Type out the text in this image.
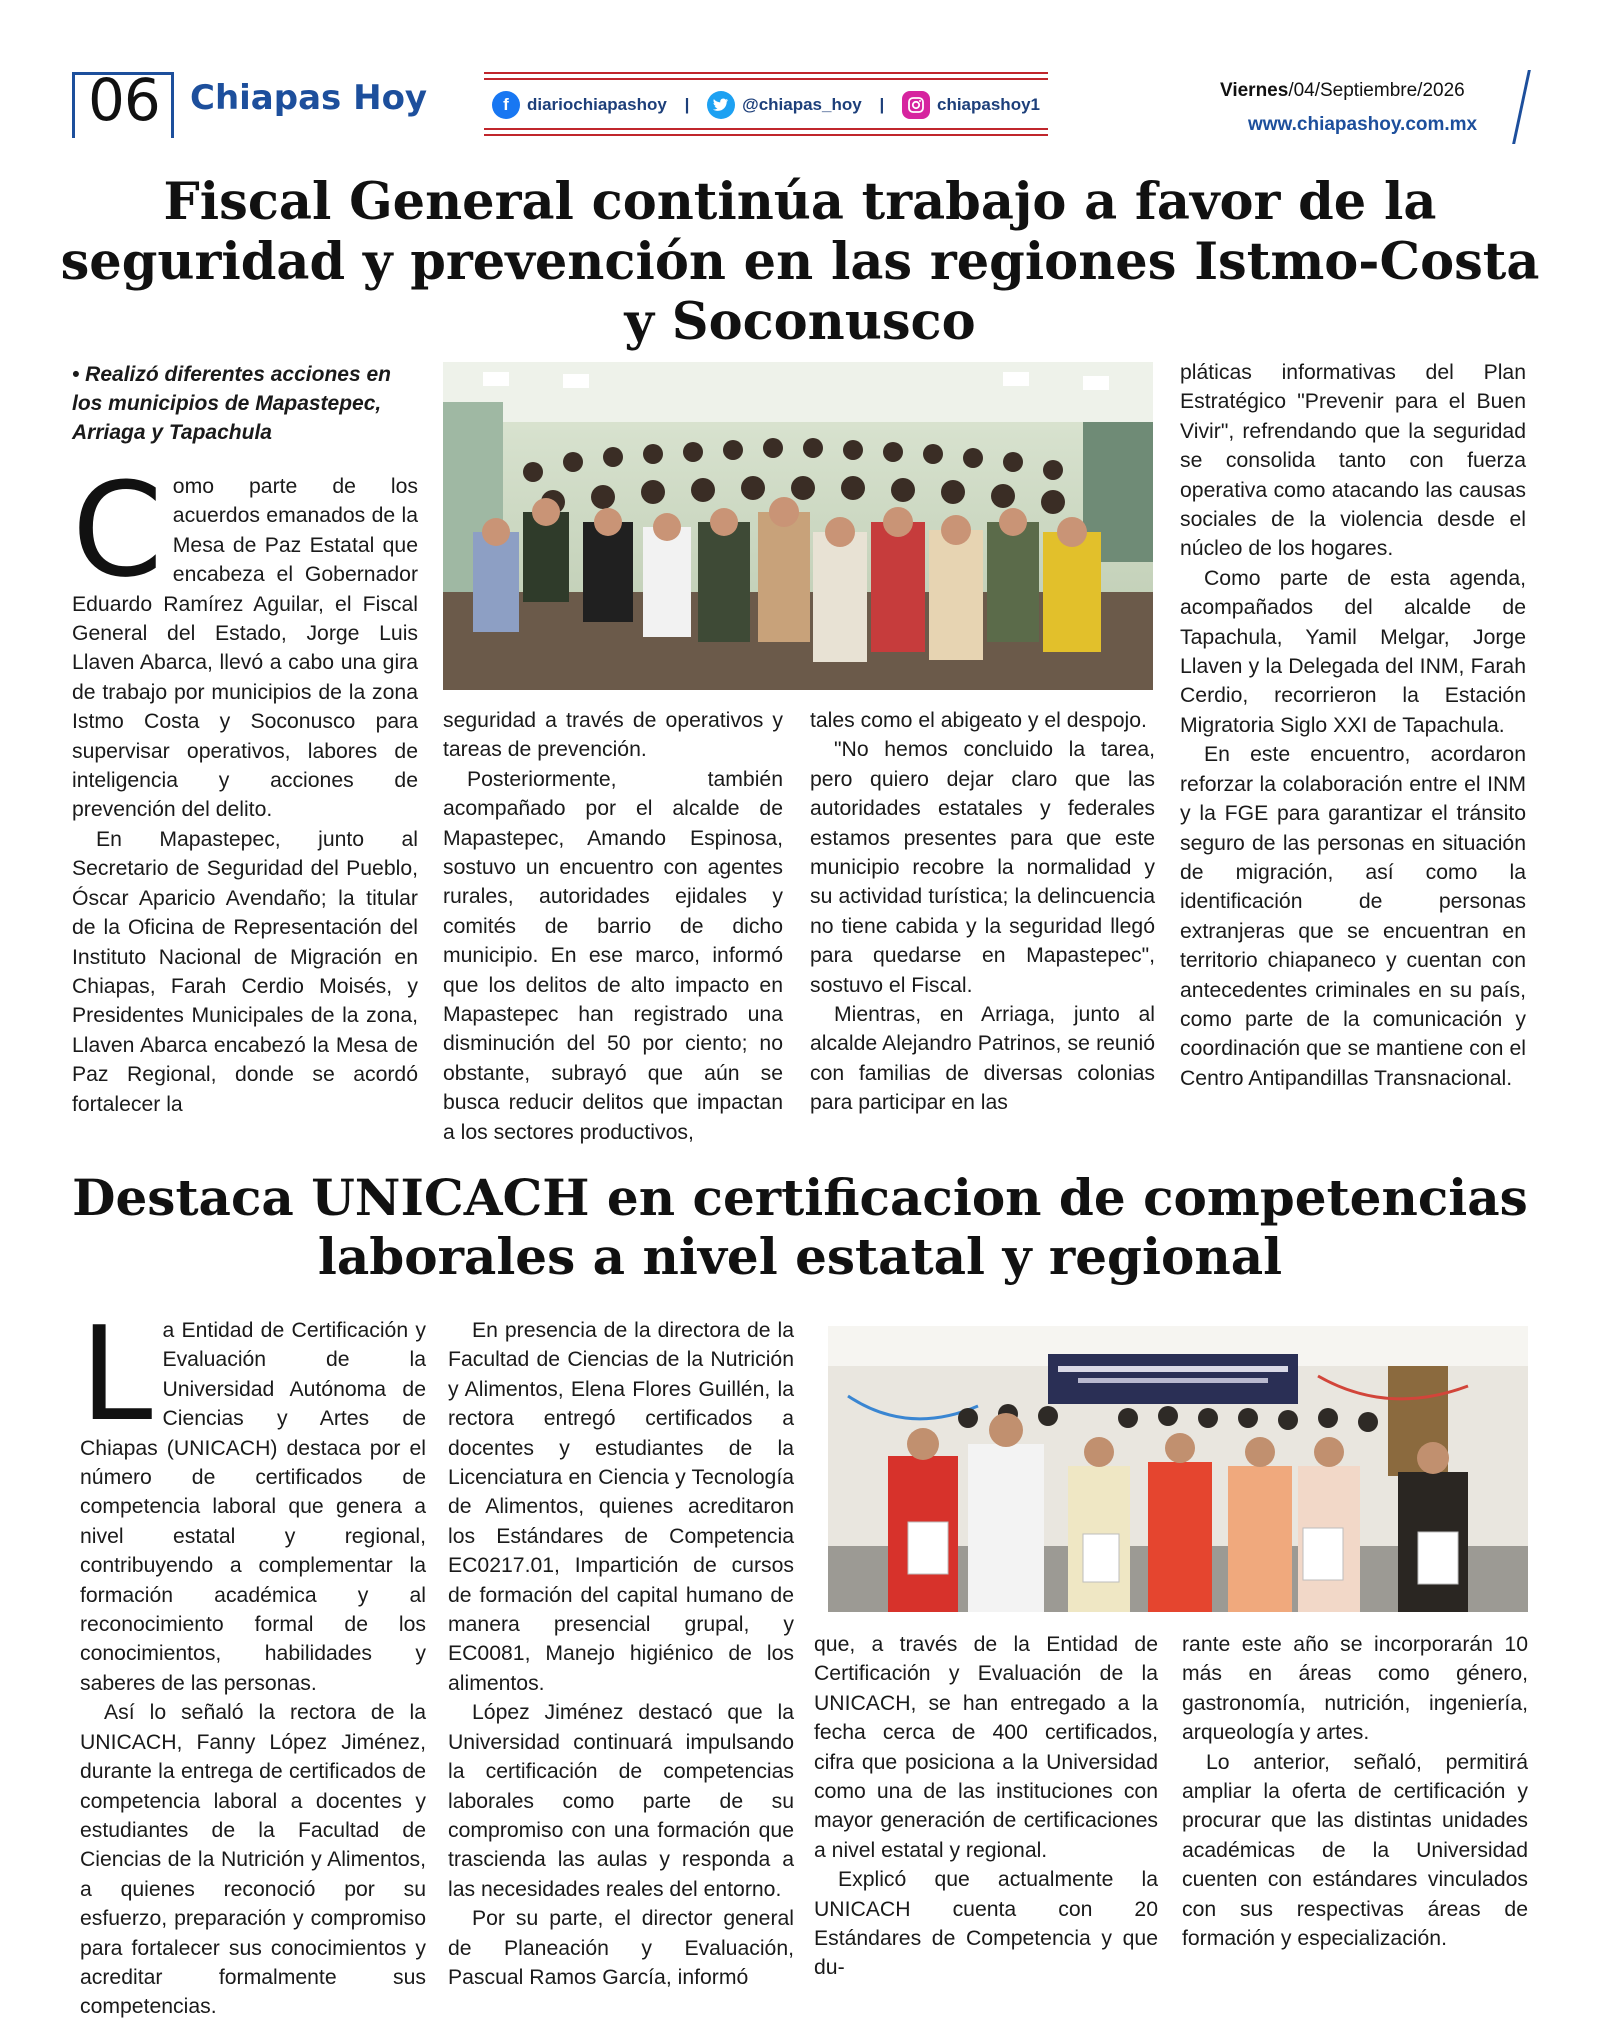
06 Chiapas Hoy	f	diariochiapashoy |	@chiapas_hoy |	chiapashoy1
Viernes/04/Septiembre/2026
www.chiapashoy.com.mx
Fiscal General continúa trabajo a favor de la seguridad y prevención en las regiones Istmo-Costa y Soconusco
• Realizó diferentes acciones en los municipios de Mapastepec, Arriaga y Tapachula

Como parte de los acuerdos emanados de la Mesa de Paz Estatal que encabeza el Gobernador Eduardo Ramírez Aguilar, el Fiscal General del Estado, Jorge Luis Llaven Abarca, llevó a cabo una gira de trabajo por municipios de la zona Istmo Costa y Soconusco para supervisar operativos, labores de inteligencia y acciones de prevención del delito.

En Mapastepec, junto al Secretario de Seguridad del Pueblo, Óscar Aparicio Avendaño; la titular de la Oficina de Representación del Instituto Nacional de Migración en Chiapas, Farah Cerdio Moisés, y Presidentes Municipales de la zona, Llaven Abarca encabezó la Mesa de Paz Regional, donde se acordó fortalecer la

seguridad a través de operativos y tareas de prevención.

Posteriormente, también acompañado por el alcalde de Mapastepec, Amando Espinosa, sostuvo un encuentro con agentes rurales, autoridades ejidales y comités de barrio de dicho municipio. En ese marco, informó que los delitos de alto impacto en Mapastepec han registrado una disminución del 50 por ciento; no obstante, subrayó que aún se busca reducir delitos que impactan a los sectores productivos,

tales como el abigeato y el despojo.

"No hemos concluido la tarea, pero quiero dejar claro que las autoridades estatales y federales estamos presentes para que este municipio recobre la normalidad y su actividad turística; la delincuencia no tiene cabida y la seguridad llegó para quedarse en Mapastepec", sostuvo el Fiscal.

Mientras, en Arriaga, junto al alcalde Alejandro Patrinos, se reunió con familias de diversas colonias para participar en las

pláticas informativas del Plan Estratégico "Prevenir para el Buen Vivir", refrendando que la seguridad se consolida tanto con fuerza operativa como atacando las causas sociales de la violencia desde el núcleo de los hogares.

Como parte de esta agenda, acompañados del alcalde de Tapachula, Yamil Melgar, Jorge Llaven y la Delegada del INM, Farah Cerdio, recorrieron la Estación Migratoria Siglo XXI de Tapachula.

En este encuentro, acordaron reforzar la colaboración entre el INM y la FGE para garantizar el tránsito seguro de las personas en situación de migración, así como la identificación de personas extranjeras que se encuentran en territorio chiapaneco y cuentan con antecedentes criminales en su país, como parte de la comunicación y coordinación que se mantiene con el Centro Antipandillas Transnacional.

Destaca UNICACH en certificacion de competencias laborales a nivel estatal y regional

La Entidad de Certificación y Evaluación de la Universidad Autónoma de Ciencias y Artes de Chiapas (UNICACH) destaca por el número de certificados de competencia laboral que genera a nivel estatal y regional, contribuyendo a complementar la formación académica y al reconocimiento formal de los conocimientos, habilidades y saberes de las personas.

Así lo señaló la rectora de la UNICACH, Fanny López Jiménez, durante la entrega de certificados de competencia laboral a docentes y estudiantes de la Facultad de Ciencias de la Nutrición y Alimentos, a quienes reconoció por su esfuerzo, preparación y compromiso para fortalecer sus conocimientos y acreditar formalmente sus competencias.

En presencia de la directora de la Facultad de Ciencias de la Nutrición y Alimentos, Elena Flores Guillén, la rectora entregó certificados a docentes y estudiantes de la Licenciatura en Ciencia y Tecnología de Alimentos, quienes acreditaron los Estándares de Competencia EC0217.01, Impartición de cursos de formación del capital humano de manera presencial grupal, y EC0081, Manejo higiénico de los alimentos.

López Jiménez destacó que la Universidad continuará impulsando la certificación de competencias laborales como parte de su compromiso con una formación que trascienda las aulas y responda a las necesidades reales del entorno.

Por su parte, el director general de Planeación y Evaluación, Pascual Ramos García, informó

que, a través de la Entidad de Certificación y Evaluación de la UNICACH, se han entregado a la fecha cerca de 400 certificados, cifra que posiciona a la Universidad como una de las instituciones con mayor generación de certificaciones a nivel estatal y regional.

Explicó que actualmente la UNICACH cuenta con 20 Estándares de Competencia y que du-

rante este año se incorporarán 10 más en áreas como género, gastronomía, nutrición, ingeniería, arqueología y artes.

Lo anterior, señaló, permitirá ampliar la oferta de certificación y procurar que las distintas unidades académicas de la Universidad cuenten con estándares vinculados con sus respectivas áreas de formación y especialización.
